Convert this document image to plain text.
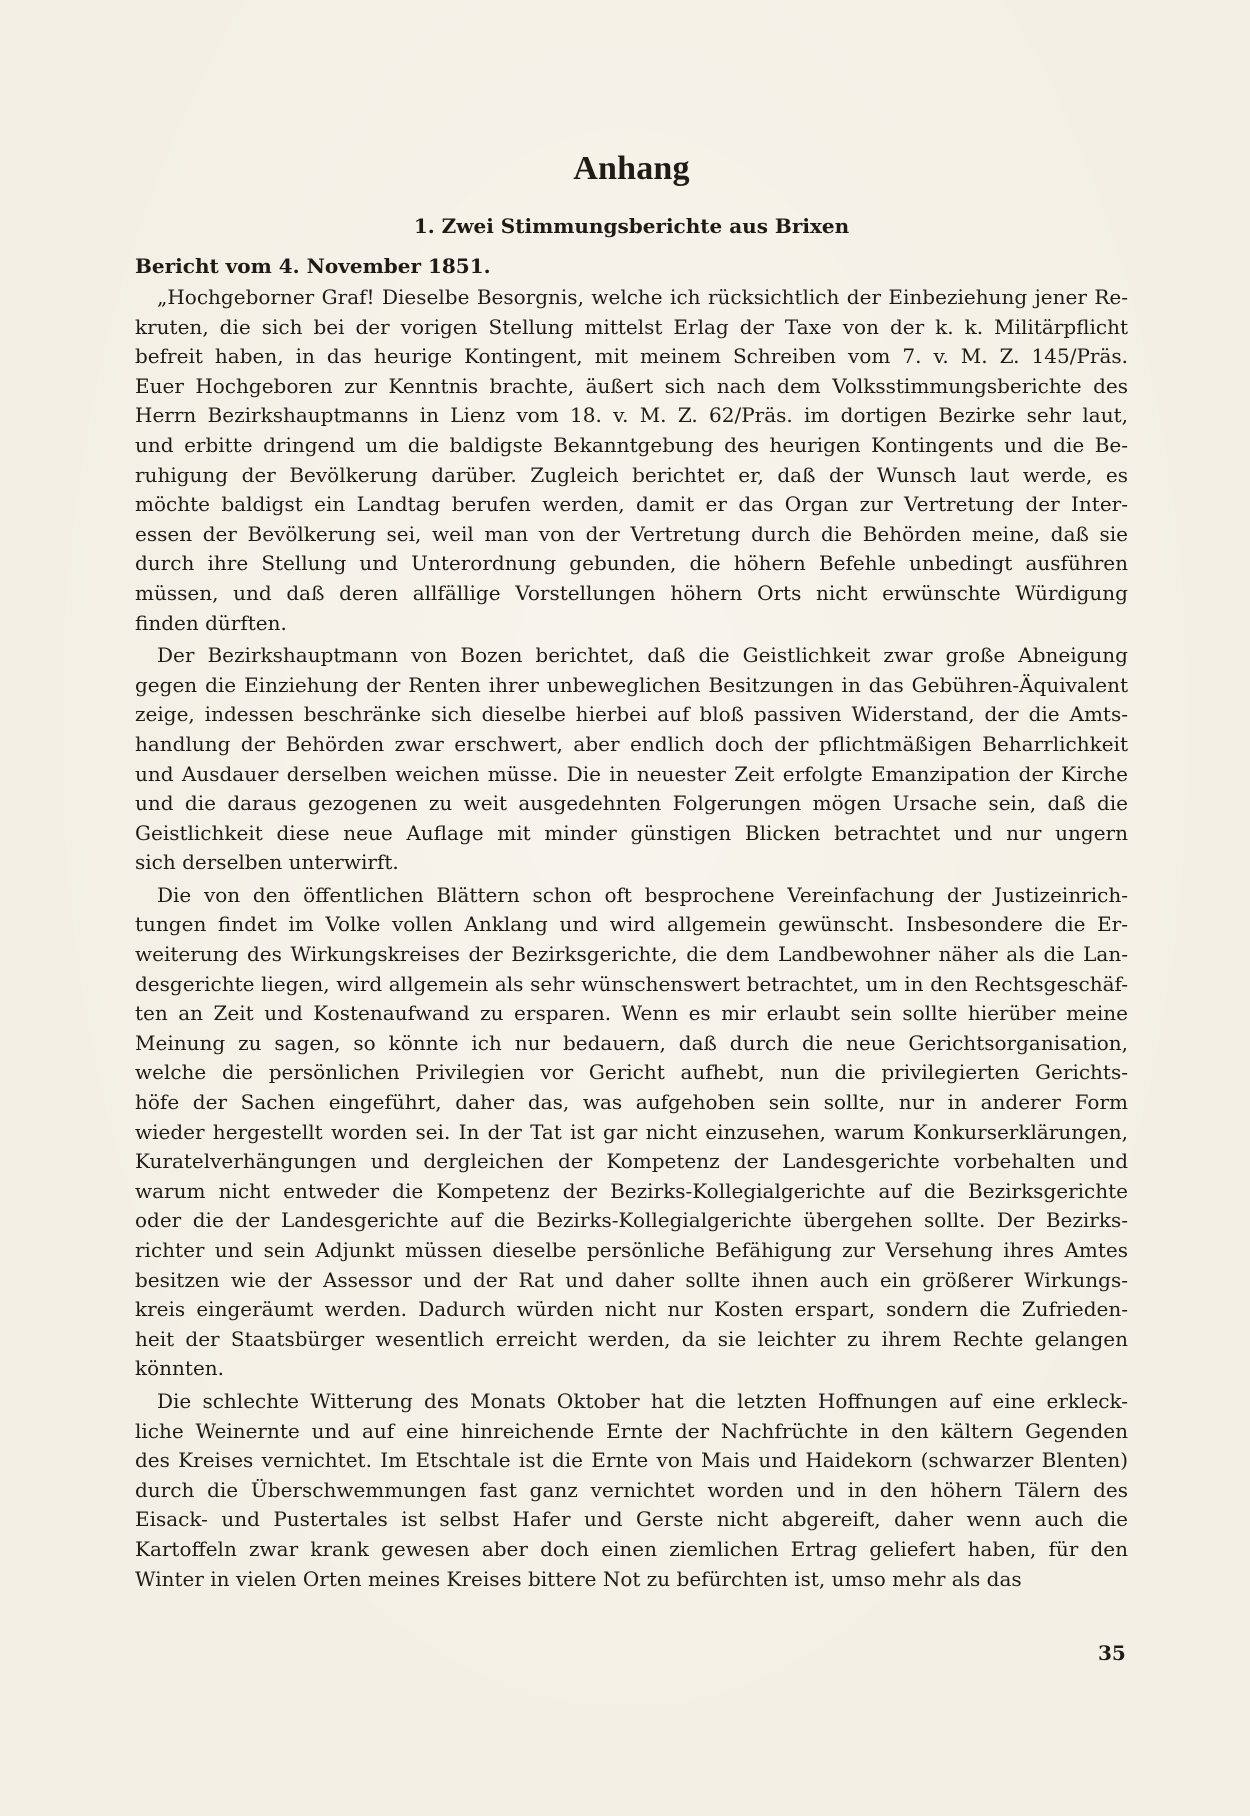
Anhang
1. Zwei Stimmungsberichte aus Brixen
Bericht vom 4. November 1851.

„Hochgeborner Graf! Dieselbe Besorgnis, welche ich rücksichtlich der Einbeziehung jener Re-
kruten, die sich bei der vorigen Stellung mittelst Erlag der Taxe von der k. k. Militärpflicht
befreit haben, in das heurige Kontingent, mit meinem Schreiben vom 7. v. M. Z. 145/Präs.
Euer Hochgeboren zur Kenntnis brachte, äußert sich nach dem Volksstimmungsberichte des
Herrn Bezirkshauptmanns in Lienz vom 18. v. M. Z. 62/Präs. im dortigen Bezirke sehr laut,
und erbitte dringend um die baldigste Bekanntgebung des heurigen Kontingents und die Be-
ruhigung der Bevölkerung darüber. Zugleich berichtet er, daß der Wunsch laut werde, es
möchte baldigst ein Landtag berufen werden, damit er das Organ zur Vertretung der Inter-
essen der Bevölkerung sei, weil man von der Vertretung durch die Behörden meine, daß sie
durch ihre Stellung und Unterordnung gebunden, die höhern Befehle unbedingt ausführen
müssen, und daß deren allfällige Vorstellungen höhern Orts nicht erwünschte Würdigung
finden dürften.

Der Bezirkshauptmann von Bozen berichtet, daß die Geistlichkeit zwar große Abneigung
gegen die Einziehung der Renten ihrer unbeweglichen Besitzungen in das Gebühren-Äquivalent
zeige, indessen beschränke sich dieselbe hierbei auf bloß passiven Widerstand, der die Amts-
handlung der Behörden zwar erschwert, aber endlich doch der pflichtmäßigen Beharrlichkeit
und Ausdauer derselben weichen müsse. Die in neuester Zeit erfolgte Emanzipation der Kirche
und die daraus gezogenen zu weit ausgedehnten Folgerungen mögen Ursache sein, daß die
Geistlichkeit diese neue Auflage mit minder günstigen Blicken betrachtet und nur ungern
sich derselben unterwirft.

Die von den öffentlichen Blättern schon oft besprochene Vereinfachung der Justizeinrich-
tungen findet im Volke vollen Anklang und wird allgemein gewünscht. Insbesondere die Er-
weiterung des Wirkungskreises der Bezirksgerichte, die dem Landbewohner näher als die Lan-
desgerichte liegen, wird allgemein als sehr wünschenswert betrachtet, um in den Rechtsgeschäf-
ten an Zeit und Kostenaufwand zu ersparen. Wenn es mir erlaubt sein sollte hierüber meine
Meinung zu sagen, so könnte ich nur bedauern, daß durch die neue Gerichtsorganisation,
welche die persönlichen Privilegien vor Gericht aufhebt, nun die privilegierten Gerichts-
höfe der Sachen eingeführt, daher das, was aufgehoben sein sollte, nur in anderer Form
wieder hergestellt worden sei. In der Tat ist gar nicht einzusehen, warum Konkurserklärungen,
Kuratelverhängungen und dergleichen der Kompetenz der Landesgerichte vorbehalten und
warum nicht entweder die Kompetenz der Bezirks-Kollegialgerichte auf die Bezirksgerichte
oder die der Landesgerichte auf die Bezirks-Kollegialgerichte übergehen sollte. Der Bezirks-
richter und sein Adjunkt müssen dieselbe persönliche Befähigung zur Versehung ihres Amtes
besitzen wie der Assessor und der Rat und daher sollte ihnen auch ein größerer Wirkungs-
kreis eingeräumt werden. Dadurch würden nicht nur Kosten erspart, sondern die Zufrieden-
heit der Staatsbürger wesentlich erreicht werden, da sie leichter zu ihrem Rechte gelangen
könnten.

Die schlechte Witterung des Monats Oktober hat die letzten Hoffnungen auf eine erkleck-
liche Weinernte und auf eine hinreichende Ernte der Nachfrüchte in den kältern Gegenden
des Kreises vernichtet. Im Etschtale ist die Ernte von Mais und Haidekorn (schwarzer Blenten)
durch die Überschwemmungen fast ganz vernichtet worden und in den höhern Tälern des
Eisack- und Pustertales ist selbst Hafer und Gerste nicht abgereift, daher wenn auch die
Kartoffeln zwar krank gewesen aber doch einen ziemlichen Ertrag geliefert haben, für den
Winter in vielen Orten meines Kreises bittere Not zu befürchten ist, umso mehr als das

35
